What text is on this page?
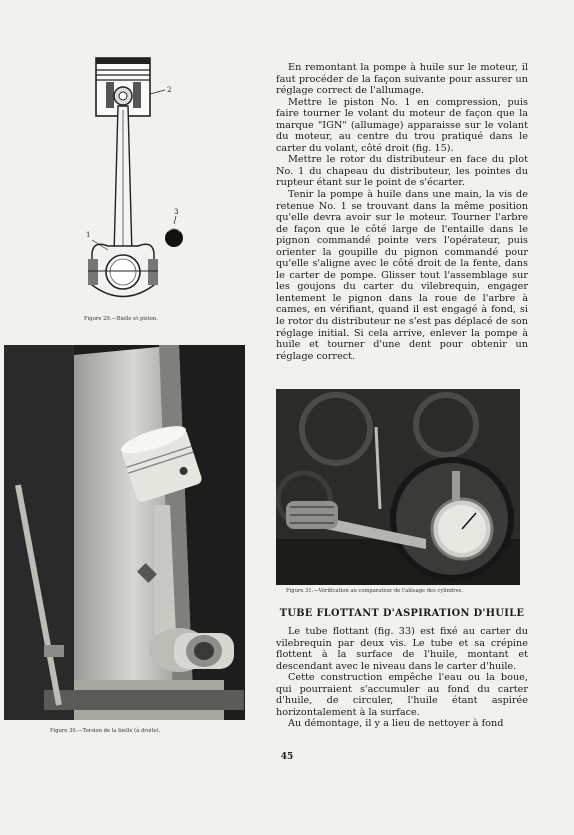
2
1
3
Figure 29.—Bielle et piston.
Figure 30.—Torsion de la bielle (à droite).

En remontant la pompe à huile sur le moteur, il faut procéder de la façon suivante pour assurer un réglage correct de l'allumage.

Mettre le piston No. 1 en compression, puis faire tourner le volant du moteur de façon que la marque "IGN" (allumage) apparaisse sur le volant du moteur, au centre du trou pratiqué dans le carter du volant, côté droit (fig. 15).

Mettre le rotor du distributeur en face du plot No. 1 du chapeau du distributeur, les pointes du rupteur étant sur le point de s'écarter.

Tenir la pompe à huile dans une main, la vis de retenue No. 1 se trouvant dans la même position qu'elle devra avoir sur le moteur. Tourner l'arbre de façon que le côté large de l'entaille dans le pignon commandé pointe vers l'opérateur, puis orienter la goupille du pignon commandé pour qu'elle s'aligne avec le côté droit de la fente, dans le carter de pompe. Glisser tout l'assemblage sur les goujons du carter du vilebrequin, engager lentement le pignon dans la roue de l'arbre à cames, en vérifiant, quand il est engagé à fond, si le rotor du distributeur ne s'est pas déplacé de son réglage initial. Si cela arrive, enlever la pompe à huile et tourner d'une dent pour obtenir un réglage correct.

Figure 31.—Vérification au comparateur de l'alésage des cylindres.
TUBE FLOTTANT D'ASPIRATION D'HUILE

Le tube flottant (fig. 33) est fixé au carter du vilebrequin par deux vis. Le tube et sa crépine flottent à la surface de l'huile, montant et descendant avec le niveau dans le carter d'huile.

Cette construction empêche l'eau ou la boue, qui pourraient s'accumuler au fond du carter d'huile, de circuler, l'huile étant aspirée horizontalement à la surface.

Au démontage, il y a lieu de nettoyer à fond

45
